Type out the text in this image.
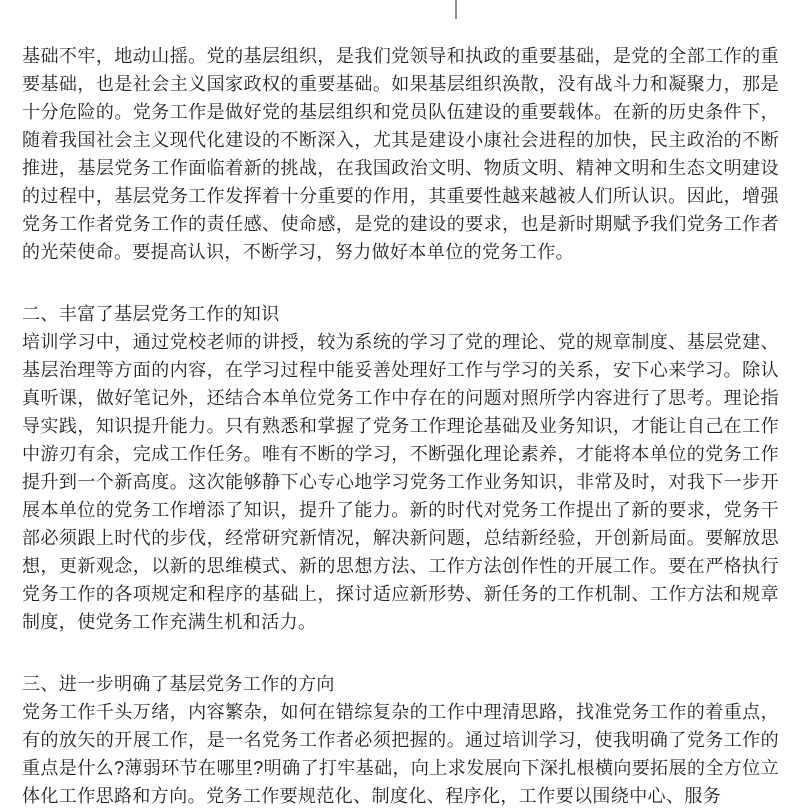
基础不牢，地动山摇。党的基层组织，是我们党领导和执政的重要基础，是党的全部工作的重要基础，也是社会主义国家政权的重要基础。如果基层组织涣散，没有战斗力和凝聚力，那是十分危险的。党务工作是做好党的基层组织和党员队伍建设的重要载体。在新的历史条件下，随着我国社会主义现代化建设的不断深入，尤其是建设小康社会进程的加快，民主政治的不断推进，基层党务工作面临着新的挑战，在我国政治文明、物质文明、精神文明和生态文明建设的过程中，基层党务工作发挥着十分重要的作用，其重要性越来越被人们所认识。因此，增强党务工作者党务工作的责任感、使命感，是党的建设的要求，也是新时期赋予我们党务工作者的光荣使命。要提高认识，不断学习，努力做好本单位的党务工作。

二、丰富了基层党务工作的知识

培训学习中，通过党校老师的讲授，较为系统的学习了党的理论、党的规章制度、基层党建、基层治理等方面的内容，在学习过程中能妥善处理好工作与学习的关系，安下心来学习。除认真听课，做好笔记外，还结合本单位党务工作中存在的问题对照所学内容进行了思考。理论指导实践，知识提升能力。只有熟悉和掌握了党务工作理论基础及业务知识，才能让自己在工作中游刃有余，完成工作任务。唯有不断的学习，不断强化理论素养，才能将本单位的党务工作提升到一个新高度。这次能够静下心专心地学习党务工作业务知识，非常及时，对我下一步开展本单位的党务工作增添了知识，提升了能力。新的时代对党务工作提出了新的要求，党务干部必须跟上时代的步伐，经常研究新情况，解决新问题，总结新经验，开创新局面。要解放思想，更新观念，以新的思维模式、新的思想方法、工作方法创作性的开展工作。要在严格执行党务工作的各项规定和程序的基础上，探讨适应新形势、新任务的工作机制、工作方法和规章制度，使党务工作充满生机和活力。

三、进一步明确了基层党务工作的方向

党务工作千头万绪，内容繁杂，如何在错综复杂的工作中理清思路，找准党务工作的着重点，有的放矢的开展工作，是一名党务工作者必须把握的。通过培训学习，使我明确了党务工作的重点是什么?薄弱环节在哪里?明确了打牢基础，向上求发展向下深扎根横向要拓展的全方位立体化工作思路和方向。党务工作要规范化、制度化、程序化，工作要以围绕中心、服务
